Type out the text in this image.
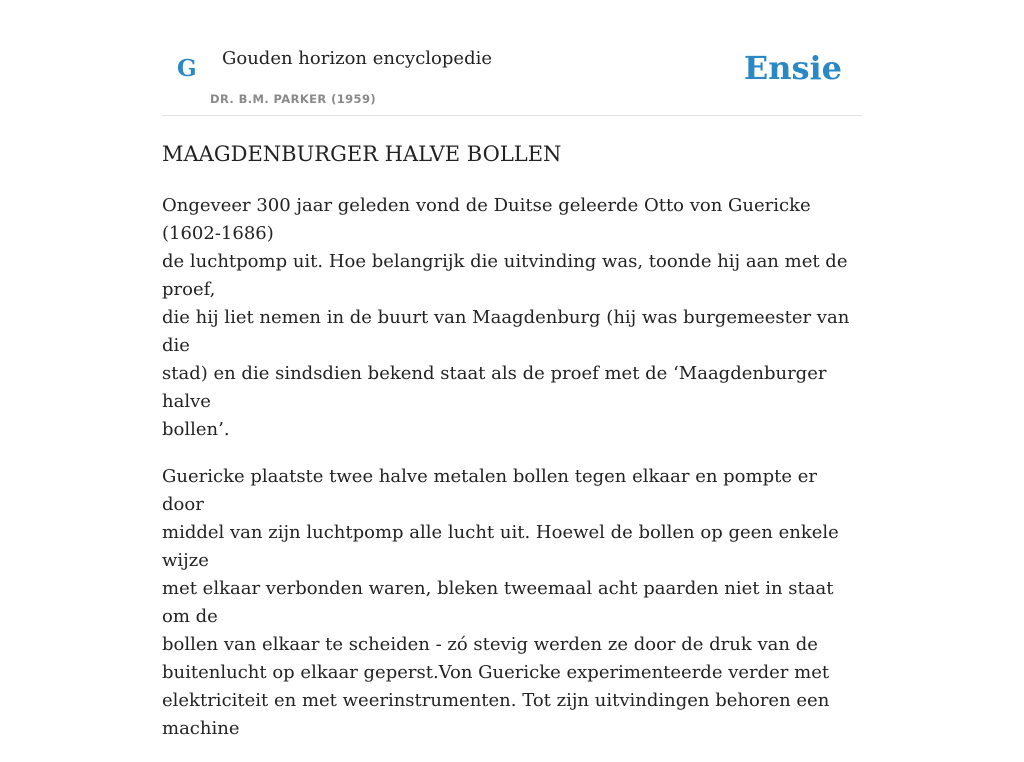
G Gouden horizon encyclopedie
DR. B.M. PARKER (1959)
Ensie
MAAGDENBURGER HALVE BOLLEN

Ongeveer 300 jaar geleden vond de Duitse geleerde Otto von Guericke (1602-1686)
de luchtpomp uit. Hoe belangrijk die uitvinding was, toonde hij aan met de proef,
die hij liet nemen in de buurt van Maagdenburg (hij was burgemeester van die
stad) en die sindsdien bekend staat als de proef met de ‘Maagdenburger halve
bollen’.

Guericke plaatste twee halve metalen bollen tegen elkaar en pompte er door
middel van zijn luchtpomp alle lucht uit. Hoewel de bollen op geen enkele wijze
met elkaar verbonden waren, bleken tweemaal acht paarden niet in staat om de
bollen van elkaar te scheiden - zó stevig werden ze door de druk van de
buitenlucht op elkaar geperst.Von Guericke experimenteerde verder met
elektriciteit en met weerinstrumenten. Tot zijn uitvindingen behoren een machine
